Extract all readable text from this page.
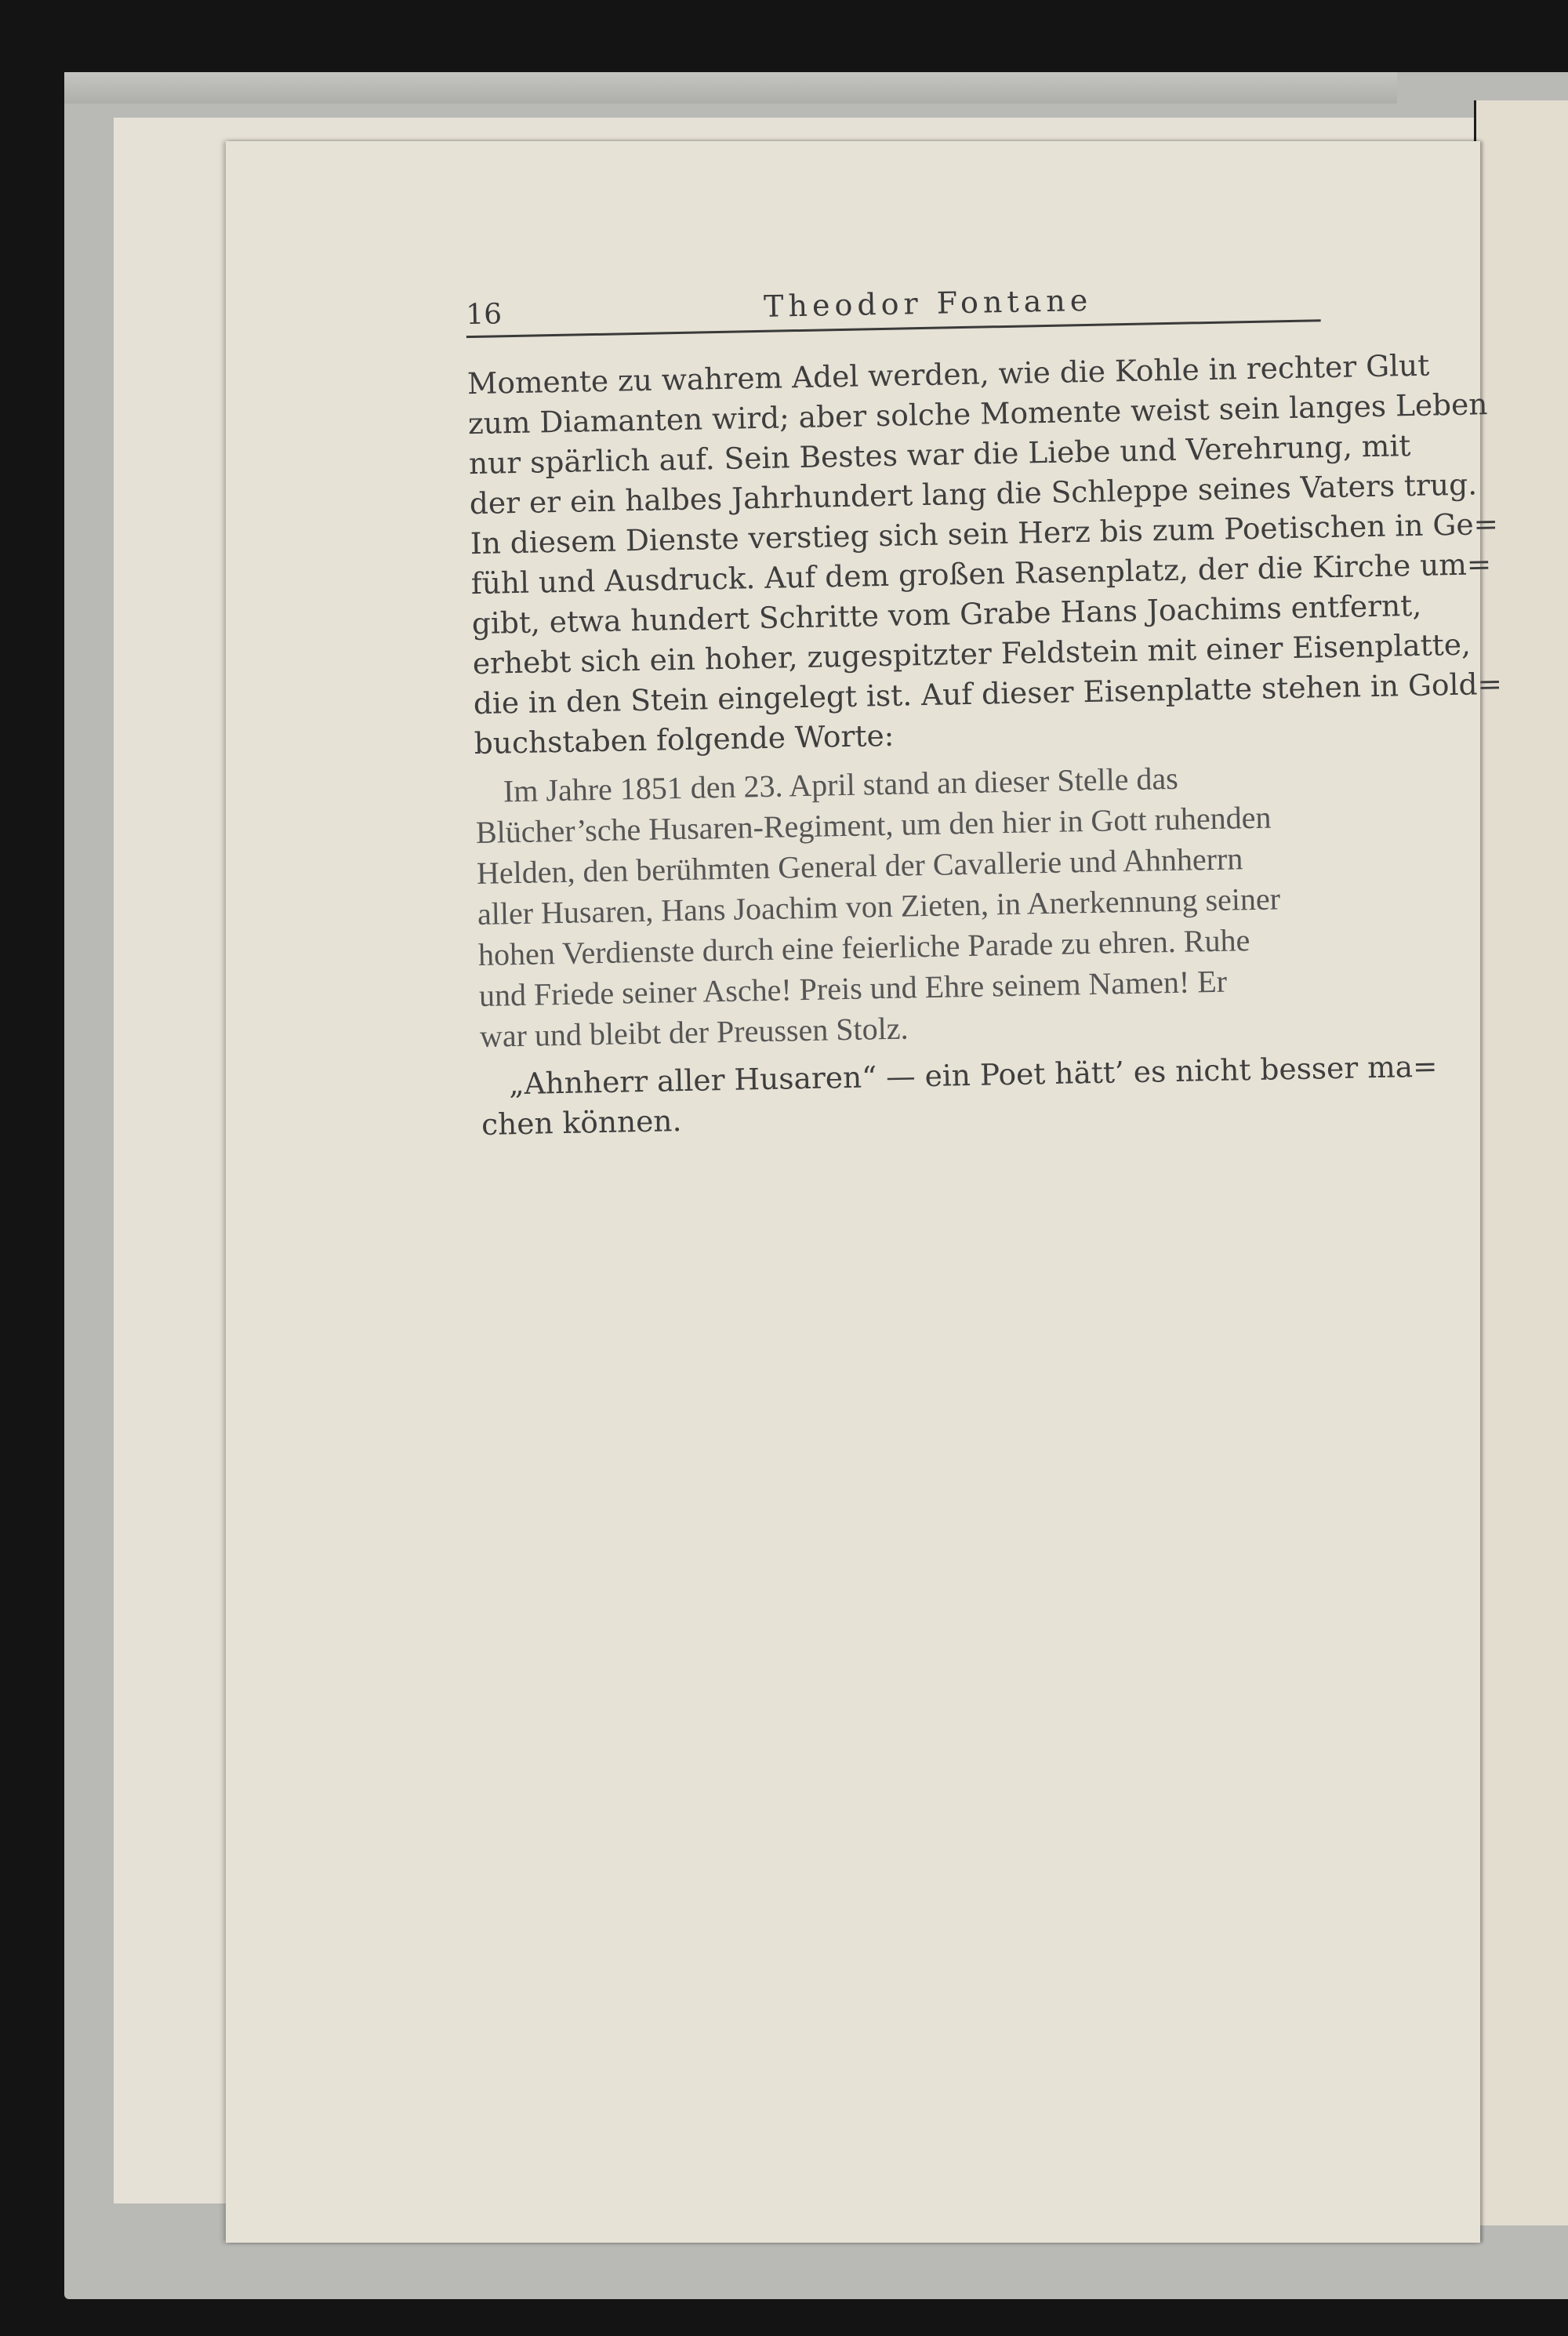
16	Theodor Fontane

Momente zu wahrem Adel werden, wie die Kohle in rechter Glut

zum Diamanten wird; aber solche Momente weist sein langes Leben

nur spärlich auf. Sein Bestes war die Liebe und Verehrung, mit

der er ein halbes Jahrhundert lang die Schleppe seines Vaters trug.

In diesem Dienste verstieg sich sein Herz bis zum Poetischen in Ge=

fühl und Ausdruck. Auf dem großen Rasenplatz, der die Kirche um=

gibt, etwa hundert Schritte vom Grabe Hans Joachims entfernt,

erhebt sich ein hoher, zugespitzter Feldstein mit einer Eisenplatte,

die in den Stein eingelegt ist. Auf dieser Eisenplatte stehen in Gold=

buchstaben folgende Worte:

Im Jahre 1851 den 23. April stand an dieser Stelle das

Blücher’sche Husaren-Regiment, um den hier in Gott ruhenden

Helden, den berühmten General der Cavallerie und Ahnherrn

aller Husaren, Hans Joachim von Zieten, in Anerkennung seiner

hohen Verdienste durch eine feierliche Parade zu ehren. Ruhe

und Friede seiner Asche! Preis und Ehre seinem Namen! Er

war und bleibt der Preussen Stolz.

„Ahnherr aller Husaren“ — ein Poet hätt’ es nicht besser ma=

chen können.
